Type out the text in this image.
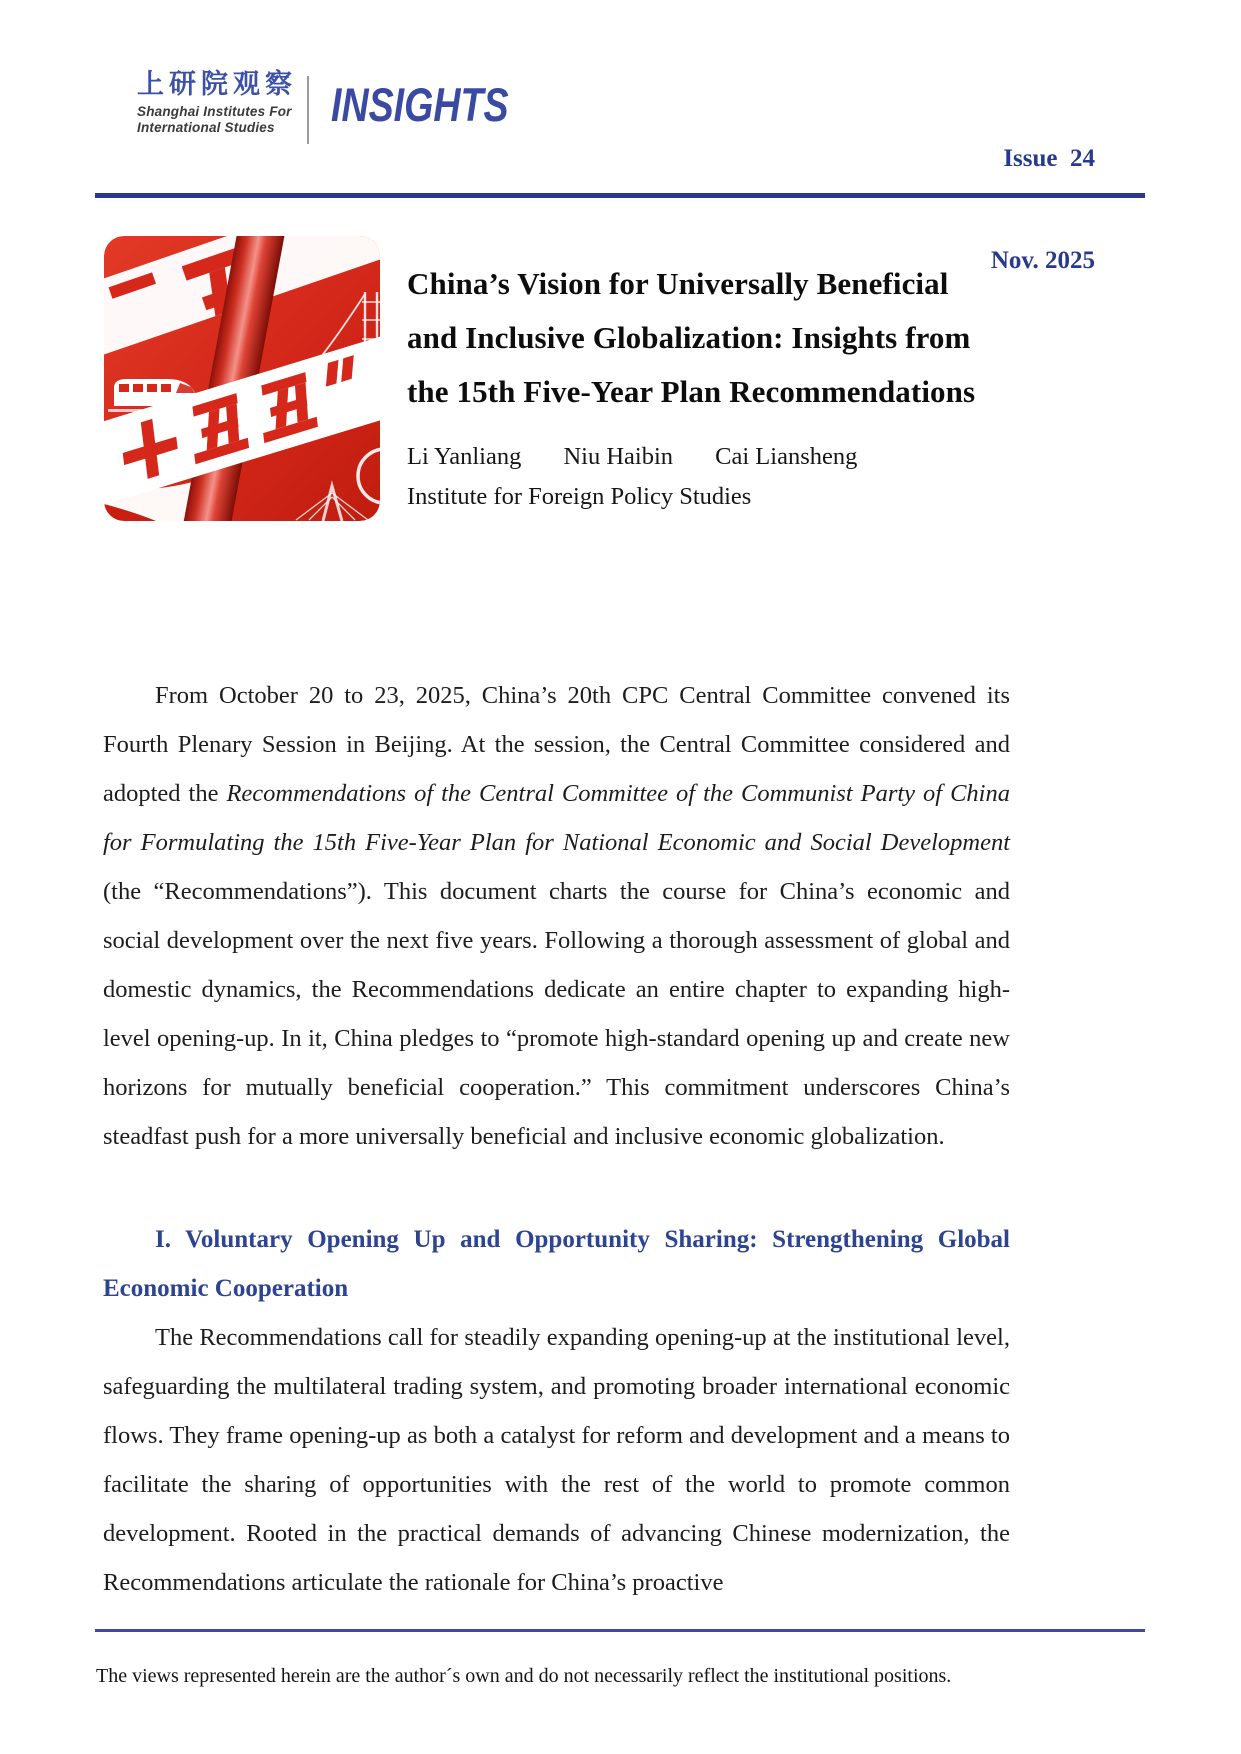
上研院观察
Shanghai Institutes For
International Studies	INSIGHTS

Issue  24

Nov. 2025

China’s Vision for Universally Beneficial
and Inclusive Globalization: Insights from
the 15th Five-Year Plan Recommendations
Li Yanliang Niu Haibin Cai Liansheng
Institute for Foreign Policy Studies

From October 20 to 23, 2025, China’s 20th CPC Central Committee convened its Fourth Plenary Session in Beijing. At the session, the Central Committee considered and adopted the Recommendations of the Central Committee of the Communist Party of China for Formulating the 15th Five-Year Plan for National Economic and Social Development (the “Recommendations”). This document charts the course for China’s economic and social development over the next five years. Following a thorough assessment of global and domestic dynamics, the Recommendations dedicate an entire chapter to expanding high-level opening-up. In it, China pledges to “promote high-standard opening up and create new horizons for mutually beneficial cooperation.” This commitment underscores China’s steadfast push for a more universally beneficial and inclusive economic globalization.

I. Voluntary Opening Up and Opportunity Sharing: Strengthening Global Economic Cooperation

The Recommendations call for steadily expanding opening-up at the institutional level, safeguarding the multilateral trading system, and promoting broader international economic flows. They frame opening-up as both a catalyst for reform and development and a means to facilitate the sharing of opportunities with the rest of the world to promote common development. Rooted in the practical demands of advancing Chinese modernization, the Recommendations articulate the rationale for China’s proactive

The views represented herein are the author´s own and do not necessarily reflect the institutional positions.
